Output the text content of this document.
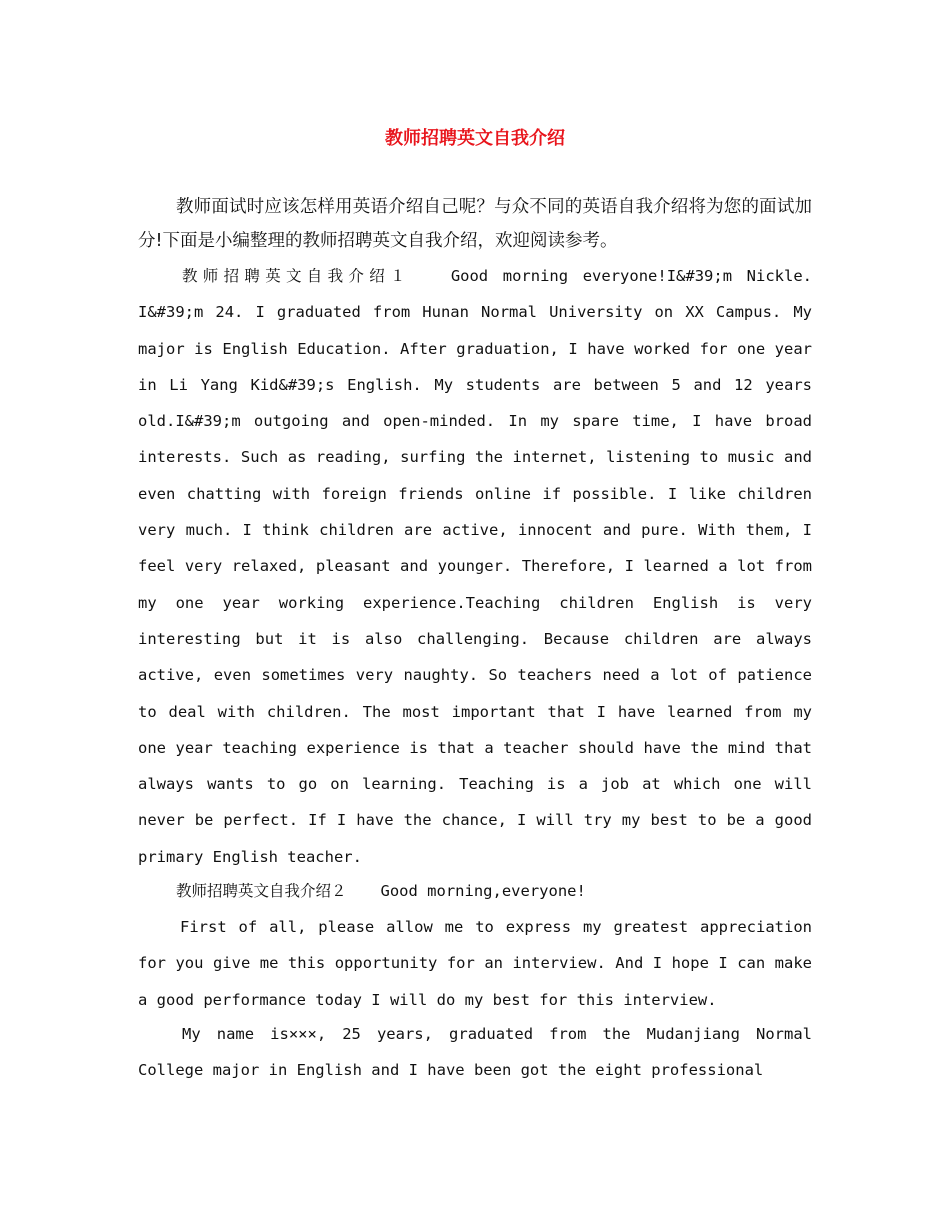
教师招聘英文自我介绍

教师面试时应该怎样用英语介绍自己呢？与众不同的英语自我介绍将为您的面试加分!下面是小编整理的教师招聘英文自我介绍，欢迎阅读参考。

教师招聘英文自我介绍１	Good morning everyone!I&#39;m Nickle. I&#39;m 24. I graduated from Hunan Normal University on XX Campus. My major is English Education. After graduation, I have worked for one year in Li Yang Kid&#39;s English. My students are between 5 and 12 years old.I&#39;m outgoing and open-minded. In my spare time, I have broad interests. Such as reading, surfing the internet, listening to music and even chatting with foreign friends online if possible. I like children very much. I think children are active, innocent and pure. With them, I feel very relaxed, pleasant and younger. Therefore, I learned a lot from my one year working experience.Teaching children English is very interesting but it is also challenging. Because children are always active, even sometimes very naughty. So teachers need a lot of patience to deal with children. The most important that I have learned from my one year teaching experience is that a teacher should have the mind that always wants to go on learning. Teaching is a job at which one will never be perfect. If I have the chance, I will try my best to be a good primary English teacher.

教师招聘英文自我介绍２ Good morning,everyone!

First of all, please allow me to express my greatest appreciation for you give me this opportunity for an interview. And I hope I can make a good performance today I will do my best for this interview.

My name is×××, 25 years, graduated from the Mudanjiang Normal College major in English and I have been got the eight professional
